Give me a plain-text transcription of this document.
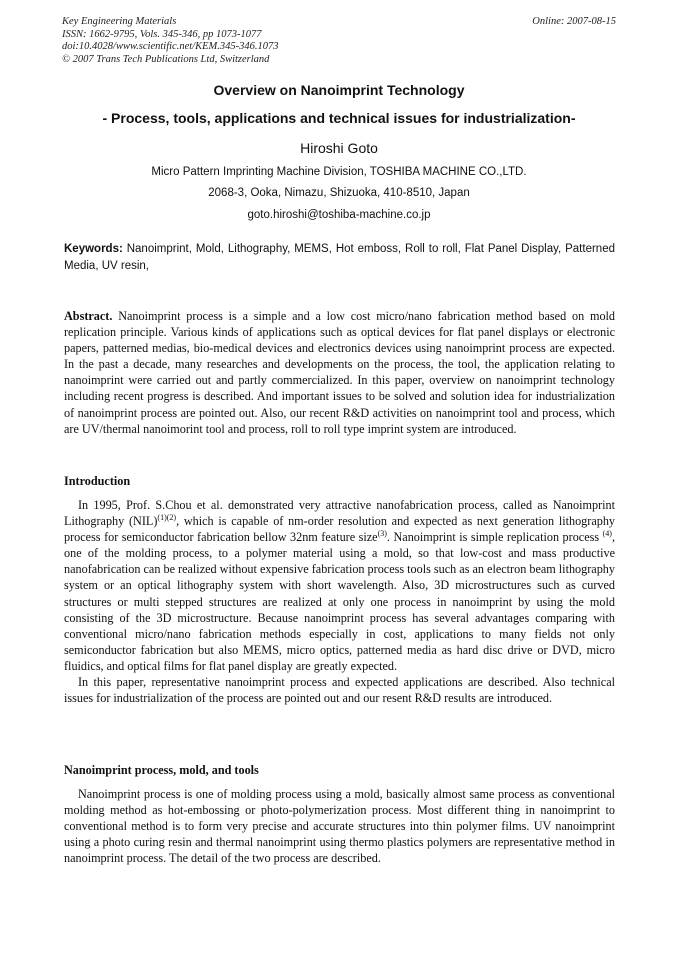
Key Engineering Materials
ISSN: 1662-9795, Vols. 345-346, pp 1073-1077
doi:10.4028/www.scientific.net/KEM.345-346.1073
© 2007 Trans Tech Publications Ltd, Switzerland
Online: 2007-08-15
Overview on Nanoimprint Technology
- Process, tools, applications and technical issues for industrialization-
Hiroshi Goto
Micro Pattern Imprinting Machine Division, TOSHIBA MACHINE CO.,LTD.
2068-3, Ooka, Nimazu, Shizuoka, 410-8510, Japan
goto.hiroshi@toshiba-machine.co.jp
Keywords: Nanoimprint, Mold, Lithography, MEMS, Hot emboss, Roll to roll, Flat Panel Display, Patterned Media, UV resin,
Abstract. Nanoimprint process is a simple and a low cost micro/nano fabrication method based on mold replication principle. Various kinds of applications such as optical devices for flat panel displays or electronic papers, patterned medias, bio-medical devices and electronics devices using nanoimprint process are expected. In the past a decade, many researches and developments on the process, the tool, the application relating to nanoimprint were carried out and partly commercialized. In this paper, overview on nanoimprint technology including recent progress is described. And important issues to be solved and solution idea for industrialization of nanoimprint process are pointed out. Also, our recent R&D activities on nanoimprint tool and process, which are UV/thermal nanoimorint tool and process, roll to roll type imprint system are introduced.
Introduction

In 1995, Prof. S.Chou et al. demonstrated very attractive nanofabrication process, called as Nanoimprint Lithography (NIL)$^{(1)(2)}$, which is capable of nm-order resolution and expected as next generation lithography process for semiconductor fabrication bellow 32nm feature size$^{(3)}$. Nanoimprint is simple replication process $^{(4)}$, one of the molding process, to a polymer material using a mold, so that low-cost and mass productive nanofabrication can be realized without expensive fabrication process tools such as an electron beam lithography system or an optical lithography system with short wavelength. Also, 3D microstructures such as curved structures or multi stepped structures are realized at only one process in nanoimprint by using the mold consisting of the 3D microstructure. Because nanoimprint process has several advantages comparing with conventional micro/nano fabrication methods especially in cost, applications to many fields not only semiconductor fabrication but also MEMS, micro optics, patterned media as hard disc drive or DVD, micro fluidics, and optical films for flat panel display are greatly expected.

In this paper, representative nanoimprint process and expected applications are described. Also technical issues for industrialization of the process are pointed out and our resent R&D results are introduced.

Nanoimprint process, mold, and tools

Nanoimprint process is one of molding process using a mold, basically almost same process as conventional molding method as hot-embossing or photo-polymerization process. Most different thing in nanoimprint to conventional method is to form very precise and accurate structures into thin polymer films. UV nanoimprint using a photo curing resin and thermal nanoimprint using thermo plastics polymers are representative method in nanoimprint process. The detail of the two process are described.
